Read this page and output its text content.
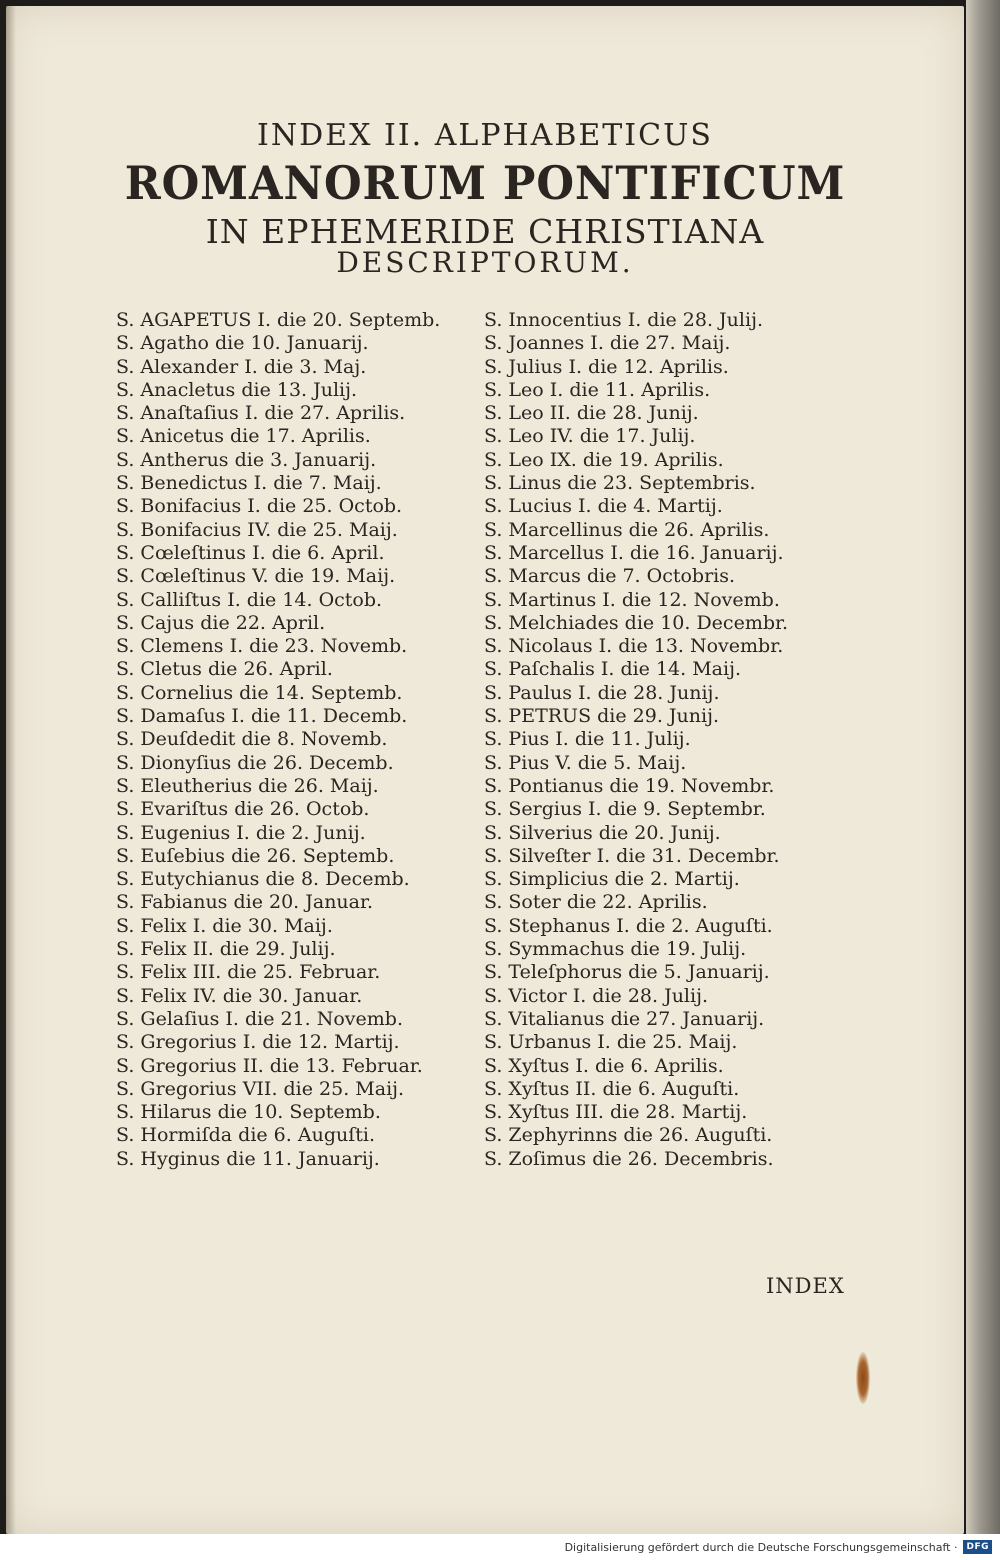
INDEX II. ALPHABETICUS
ROMANORUM PONTIFICUM
IN EPHEMERIDE CHRISTIANA
DESCRIPTORUM.
S. AGAPETUS I. die 20. Septemb.
S. Agatho die 10. Januarij.
S. Alexander I. die 3. Maj.
S. Anacletus die 13. Julij.
S. Anaſtaſius I. die 27. Aprilis.
S. Anicetus die 17. Aprilis.
S. Antherus die 3. Januarij.
S. Benedictus I. die 7. Maij.
S. Bonifacius I. die 25. Octob.
S. Bonifacius IV. die 25. Maij.
S. Cœleſtinus I. die 6. April.
S. Cœleſtinus V. die 19. Maij.
S. Calliſtus I. die 14. Octob.
S. Cajus die 22. April.
S. Clemens I. die 23. Novemb.
S. Cletus die 26. April.
S. Cornelius die 14. Septemb.
S. Damaſus I. die 11. Decemb.
S. Deuſdedit die 8. Novemb.
S. Dionyſius die 26. Decemb.
S. Eleutherius die 26. Maij.
S. Evariſtus die 26. Octob.
S. Eugenius I. die 2. Junij.
S. Euſebius die 26. Septemb.
S. Eutychianus die 8. Decemb.
S. Fabianus die 20. Januar.
S. Felix I. die 30. Maij.
S. Felix II. die 29. Julij.
S. Felix III. die 25. Februar.
S. Felix IV. die 30. Januar.
S. Gelaſius I. die 21. Novemb.
S. Gregorius I. die 12. Martij.
S. Gregorius II. die 13. Februar.
S. Gregorius VII. die 25. Maij.
S. Hilarus die 10. Septemb.
S. Hormiſda die 6. Auguſti.
S. Hyginus die 11. Januarij.
S. Innocentius I. die 28. Julij.
S. Joannes I. die 27. Maij.
S. Julius I. die 12. Aprilis.
S. Leo I. die 11. Aprilis.
S. Leo II. die 28. Junij.
S. Leo IV. die 17. Julij.
S. Leo IX. die 19. Aprilis.
S. Linus die 23. Septembris.
S. Lucius I. die 4. Martij.
S. Marcellinus die 26. Aprilis.
S. Marcellus I. die 16. Januarij.
S. Marcus die 7. Octobris.
S. Martinus I. die 12. Novemb.
S. Melchiades die 10. Decembr.
S. Nicolaus I. die 13. Novembr.
S. Paſchalis I. die 14. Maij.
S. Paulus I. die 28. Junij.
S. PETRUS die 29. Junij.
S. Pius I. die 11. Julij.
S. Pius V. die 5. Maij.
S. Pontianus die 19. Novembr.
S. Sergius I. die 9. Septembr.
S. Silverius die 20. Junij.
S. Silveſter I. die 31. Decembr.
S. Simplicius die 2. Martij.
S. Soter die 22. Aprilis.
S. Stephanus I. die 2. Auguſti.
S. Symmachus die 19. Julij.
S. Teleſphorus die 5. Januarij.
S. Victor I. die 28. Julij.
S. Vitalianus die 27. Januarij.
S. Urbanus I. die 25. Maij.
S. Xyſtus I. die 6. Aprilis.
S. Xyſtus II. die 6. Auguſti.
S. Xyſtus III. die 28. Martij.
S. Zephyrinns die 26. Auguſti.
S. Zoſimus die 26. Decembris.
INDEX
Digitalisierung gefördert durch die Deutsche Forschungsgemeinschaft ·	DFG
